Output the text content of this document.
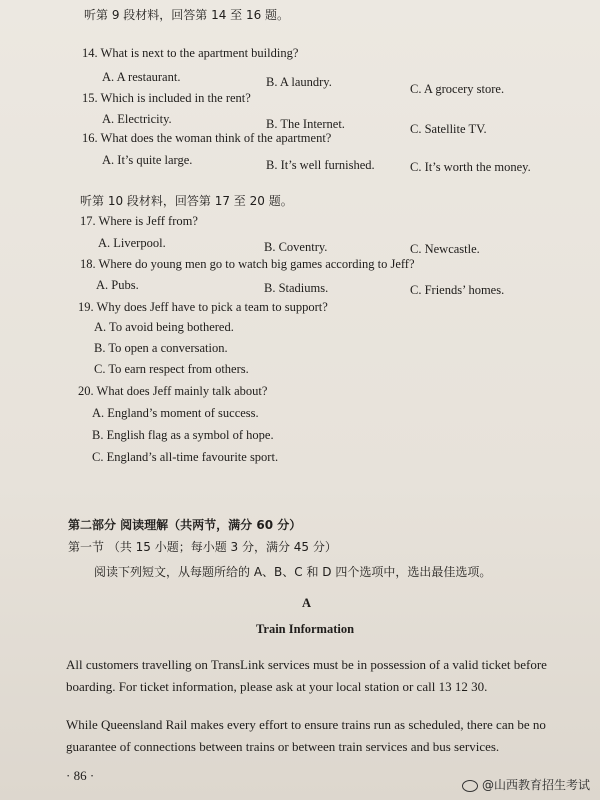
听第 9 段材料，回答第 14 至 16 题。
14. What is next to the apartment building?
A. A restaurant.	B. A laundry.	C. A grocery store.
15. Which is included in the rent?
A. Electricity.	B. The Internet.	C. Satellite TV.
16. What does the woman think of the apartment?
A. It’s quite large.	B. It’s well furnished.	C. It’s worth the money.
听第 10 段材料，回答第 17 至 20 题。
17. Where is Jeff from?
A. Liverpool.	B. Coventry.	C. Newcastle.
18. Where do young men go to watch big games according to Jeff?
A. Pubs.	B. Stadiums.	C. Friends’ homes.
19. Why does Jeff have to pick a team to support?
A. To avoid being bothered.
B. To open a conversation.
C. To earn respect from others.
20. What does Jeff mainly talk about?
A. England’s moment of success.
B. English flag as a symbol of hope.
C. England’s all-time favourite sport.
第二部分 阅读理解（共两节，满分 60 分）
第一节 （共 15 小题；每小题 3 分，满分 45 分）
阅读下列短文，从每题所给的 A、B、C 和 D 四个选项中，选出最佳选项。
A
Train Information
All customers travelling on TransLink services must be in possession of a valid ticket before boarding. For ticket information, please ask at your local station or call 13 12 30.
While Queensland Rail makes every effort to ensure trains run as scheduled, there can be no guarantee of connections between trains or between train services and bus services.
· 86 ·
@山西教育招生考试
